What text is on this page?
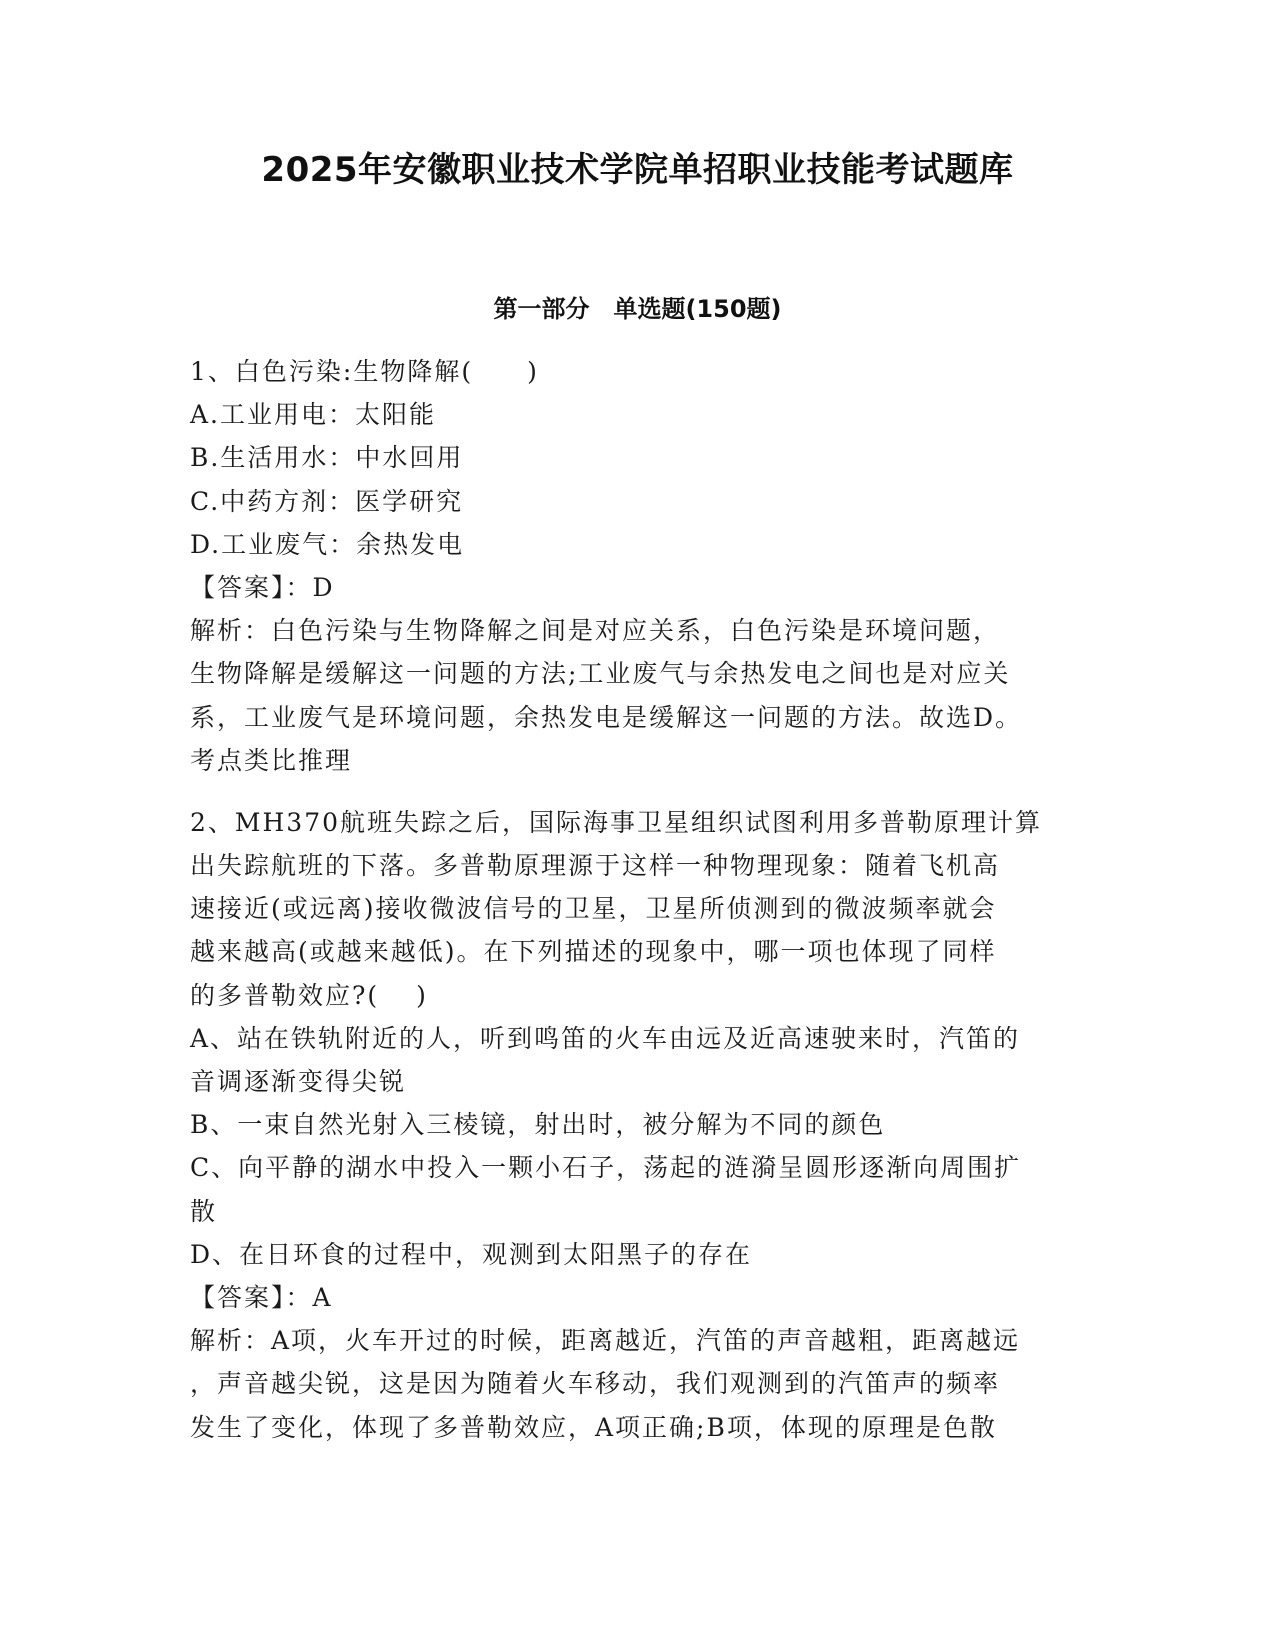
2025年安徽职业技术学院单招职业技能考试题库
第一部分　单选题(150题)
1、白色污染:生物降解(　　)
A.工业用电：太阳能
B.生活用水：中水回用
C.中药方剂：医学研究
D.工业废气：余热发电
【答案】：D
解析：白色污染与生物降解之间是对应关系，白色污染是环境问题，
生物降解是缓解这一问题的方法;工业废气与余热发电之间也是对应关
系，工业废气是环境问题，余热发电是缓解这一问题的方法。故选D。
考点类比推理
2、MH370航班失踪之后，国际海事卫星组织试图利用多普勒原理计算
出失踪航班的下落。多普勒原理源于这样一种物理现象：随着飞机高
速接近(或远离)接收微波信号的卫星，卫星所侦测到的微波频率就会
越来越高(或越来越低)。在下列描述的现象中，哪一项也体现了同样
的多普勒效应?(　 )
A、站在铁轨附近的人，听到鸣笛的火车由远及近高速驶来时，汽笛的
音调逐渐变得尖锐
B、一束自然光射入三棱镜，射出时，被分解为不同的颜色
C、向平静的湖水中投入一颗小石子，荡起的涟漪呈圆形逐渐向周围扩
散
D、在日环食的过程中，观测到太阳黑子的存在
【答案】：A
解析：A项，火车开过的时候，距离越近，汽笛的声音越粗，距离越远
，声音越尖锐，这是因为随着火车移动，我们观测到的汽笛声的频率
发生了变化，体现了多普勒效应，A项正确;B项，体现的原理是色散
